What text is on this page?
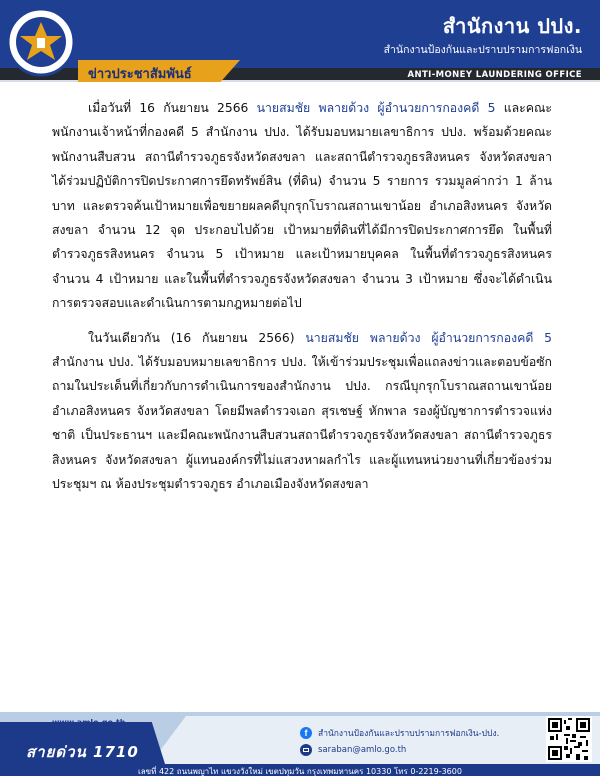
สำนักงาน ปปง.
สำนักงานป้องกันและปราบปรามการฟอกเงิน
ข่าวประชาสัมพันธ์	ANTI-MONEY LAUNDERING OFFICE

เมื่อวันที่ 16 กันยายน 2566 นายสมชัย พลายด้วง ผู้อำนวยการกองคดี 5 และคณะพนักงานเจ้าหน้าที่กองคดี 5 สำนักงาน ปปง. ได้รับมอบหมายเลขาธิการ ปปง. พร้อมด้วยคณะพนักงานสืบสวน สถานีตำรวจภูธรจังหวัดสงขลา และสถานีตำรวจภูธรสิงหนคร จังหวัดสงขลา ได้ร่วมปฏิบัติการปิดประกาศการยึดทรัพย์สิน (ที่ดิน) จำนวน 5 รายการ รวมมูลค่ากว่า 1 ล้านบาท และตรวจค้นเป้าหมายเพื่อขยายผลคดีบุกรุกโบราณสถานเขาน้อย อำเภอสิงหนคร จังหวัดสงขลา จำนวน 12 จุด ประกอบไปด้วย เป้าหมายที่ดินที่ได้มีการปิดประกาศการยึด ในพื้นที่ตำรวจภูธรสิงหนคร จำนวน 5 เป้าหมาย และเป้าหมายบุคคล ในพื้นที่ตำรวจภูธรสิงหนคร จำนวน 4 เป้าหมาย และในพื้นที่ตำรวจภูธรจังหวัดสงขลา จำนวน 3 เป้าหมาย ซึ่งจะได้ดำเนินการตรวจสอบและดำเนินการตามกฎหมายต่อไป

ในวันเดียวกัน (16 กันยายน 2566) นายสมชัย พลายด้วง ผู้อำนวยการกองคดี 5 สำนักงาน ปปง. ได้รับมอบหมายเลขาธิการ ปปง. ให้เข้าร่วมประชุมเพื่อแถลงข่าวและตอบข้อซักถามในประเด็นที่เกี่ยวกับการดำเนินการของสำนักงาน ปปง. กรณีบุกรุกโบราณสถานเขาน้อย อำเภอสิงหนคร จังหวัดสงขลา โดยมีพลตำรวจเอก สุรเชษฐ์ หักพาล รองผู้บัญชาการตำรวจแห่งชาติ เป็นประธานฯ และมีคณะพนักงานสืบสวนสถานีตำรวจภูธรจังหวัดสงขลา สถานีตำรวจภูธรสิงหนคร จังหวัดสงขลา ผู้แทนองค์กรที่ไม่แสวงหาผลกำไร และผู้แทนหน่วยงานที่เกี่ยวข้องร่วมประชุมฯ ณ ห้องประชุมตำรวจภูธร อำเภอเมืองจังหวัดสงขลา

www.amlo.go.th
สายด่วน 1710
f	สำนักงานป้องกันและปราบปรามการฟอกเงิน-ปปง.
saraban@amlo.go.th
เลขที่ 422 ถนนพญาไท แขวงวังใหม่ เขตปทุมวัน กรุงเทพมหานคร 10330 โทร 0-2219-3600
